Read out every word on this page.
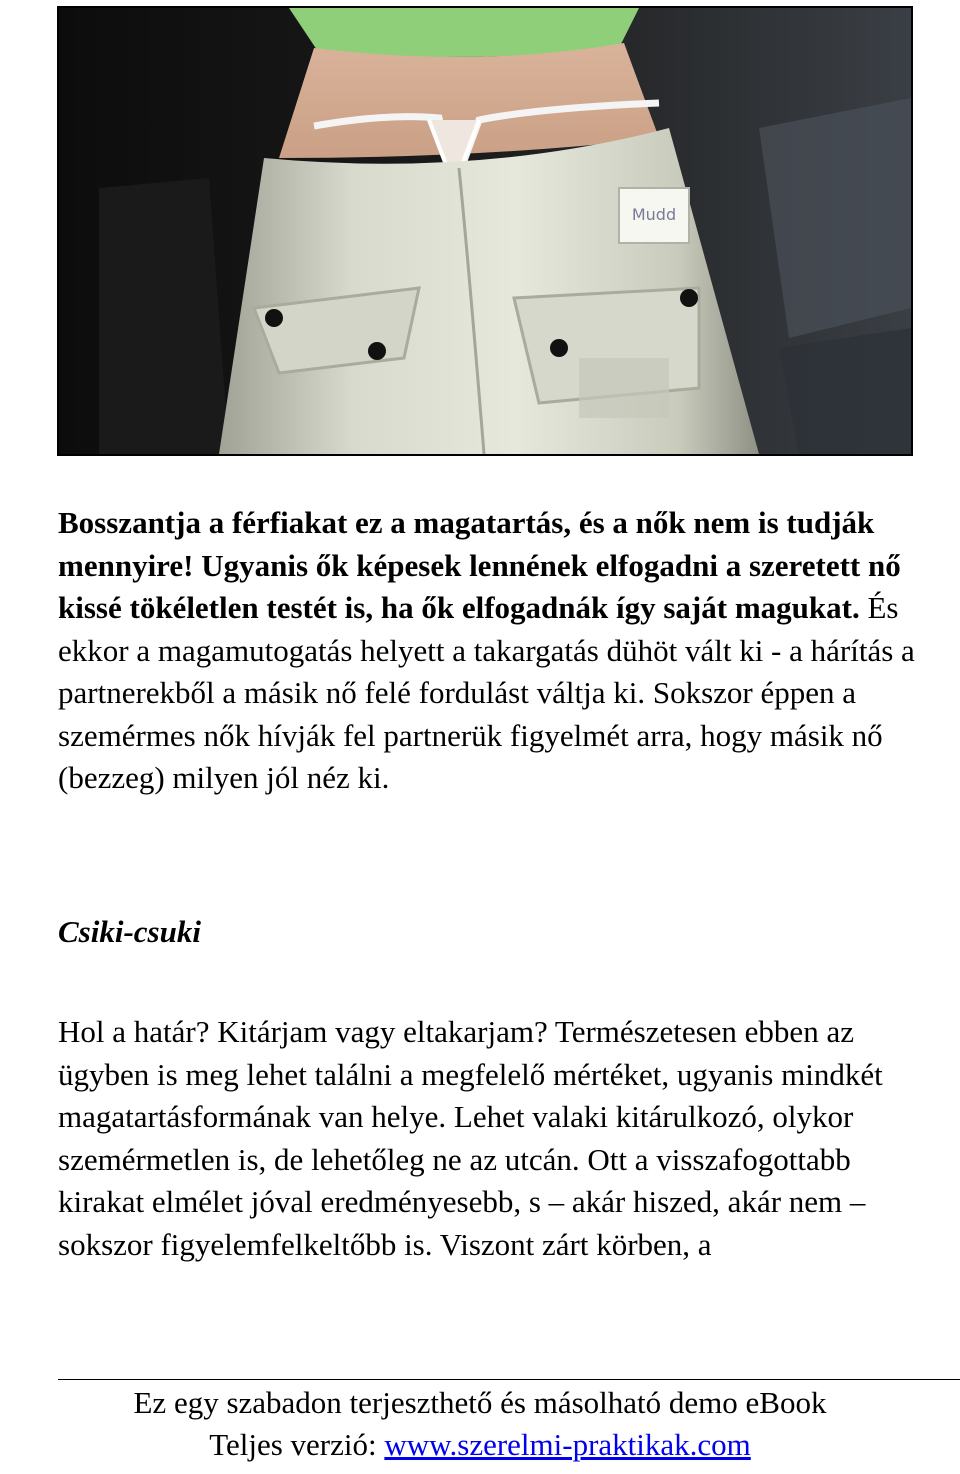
Mudd

Bosszantja a férfiakat ez a magatartás, és a nők nem is tudják mennyire! Ugyanis ők képesek lennének elfogadni a szeretett nő kissé tökéletlen testét is, ha ők elfogadnák így saját magukat. És ekkor a magamutogatás helyett a takargatás dühöt vált ki - a hárítás a partnerekből a másik nő felé fordulást váltja ki. Sokszor éppen a szemérmes nők hívják fel partnerük figyelmét arra, hogy másik nő (bezzeg) milyen jól néz ki.

Csiki-csuki

Hol a határ? Kitárjam vagy eltakarjam? Természetesen ebben az ügyben is meg lehet találni a megfelelő mértéket, ugyanis mindkét magatartásformának van helye. Lehet valaki kitárulkozó, olykor szemérmetlen is, de lehetőleg ne az utcán. Ott a visszafogottabb kirakat elmélet jóval eredményesebb, s – akár hiszed, akár nem – sokszor figyelemfelkeltőbb is. Viszont zárt körben, a

Ez egy szabadon terjeszthető és másolható demo eBook

Teljes verzió: www.szerelmi-praktikak.com
